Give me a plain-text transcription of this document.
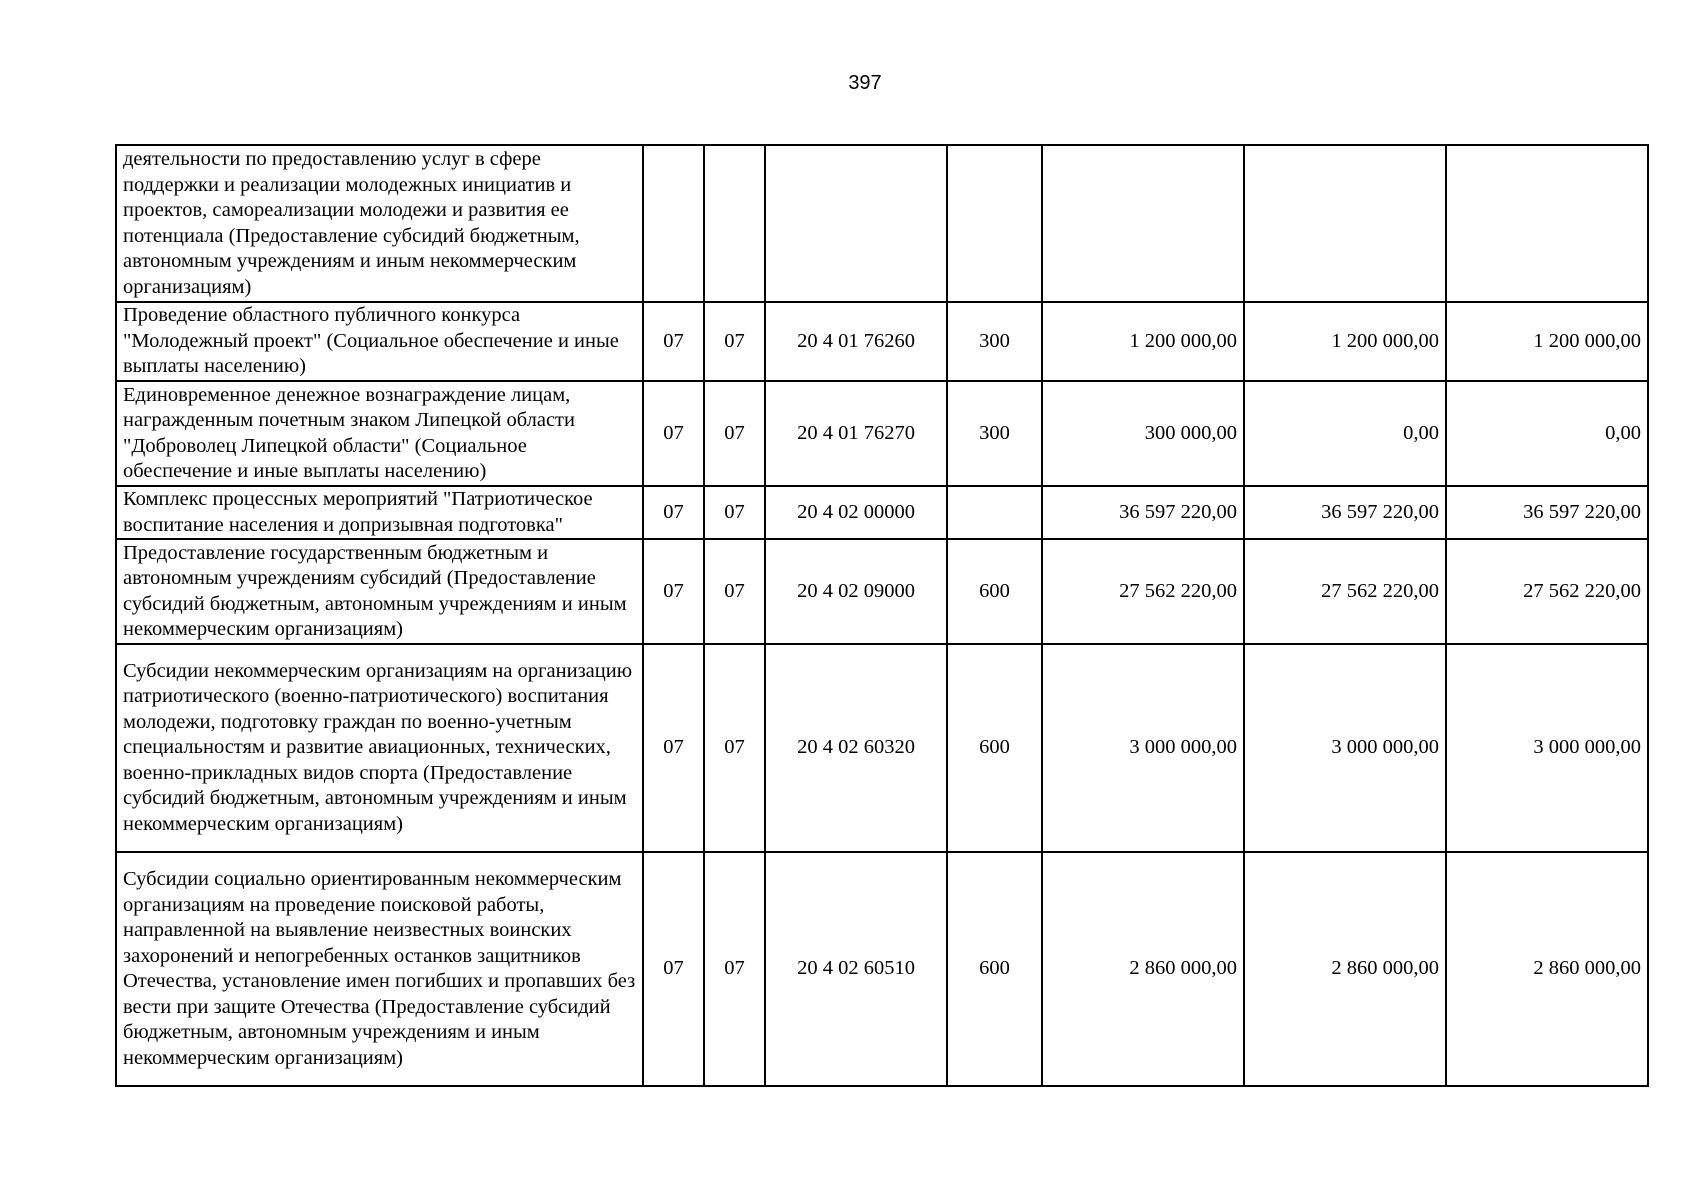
397
деятельности по предоставлению услуг в сфере поддержки и реализации молодежных инициатив и проектов, самореализации молодежи и развития ее потенциала (Предоставление субсидий бюджетным, автономным учреждениям и иным некоммерческим организациям)							
Проведение областного публичного конкурса "Молодежный проект" (Социальное обеспечение и иные выплаты населению)	07	07	20 4 01 76260	300	1 200 000,00	1 200 000,00	1 200 000,00
Единовременное денежное вознаграждение лицам, награжденным почетным знаком Липецкой области "Доброволец Липецкой области" (Социальное обеспечение и иные выплаты населению)	07	07	20 4 01 76270	300	300 000,00	0,00	0,00
Комплекс процессных мероприятий "Патриотическое воспитание населения и допризывная подготовка"	07	07	20 4 02 00000		36 597 220,00	36 597 220,00	36 597 220,00
Предоставление государственным бюджетным и автономным учреждениям субсидий (Предоставление субсидий бюджетным, автономным учреждениям и иным некоммерческим организациям)	07	07	20 4 02 09000	600	27 562 220,00	27 562 220,00	27 562 220,00
Субсидии некоммерческим организациям на организацию патриотического (военно-патриотического) воспитания молодежи, подготовку граждан по военно-учетным специальностям и развитие авиационных, технических, военно-прикладных видов спорта (Предоставление субсидий бюджетным, автономным учреждениям и иным некоммерческим организациям)	07	07	20 4 02 60320	600	3 000 000,00	3 000 000,00	3 000 000,00
Субсидии социально ориентированным некоммерческим организациям на проведение поисковой работы, направленной на выявление неизвестных воинских захоронений и непогребенных останков защитников Отечества, установление имен погибших и пропавших без вести при защите Отечества (Предоставление субсидий бюджетным, автономным учреждениям и иным некоммерческим организациям)	07	07	20 4 02 60510	600	2 860 000,00	2 860 000,00	2 860 000,00
